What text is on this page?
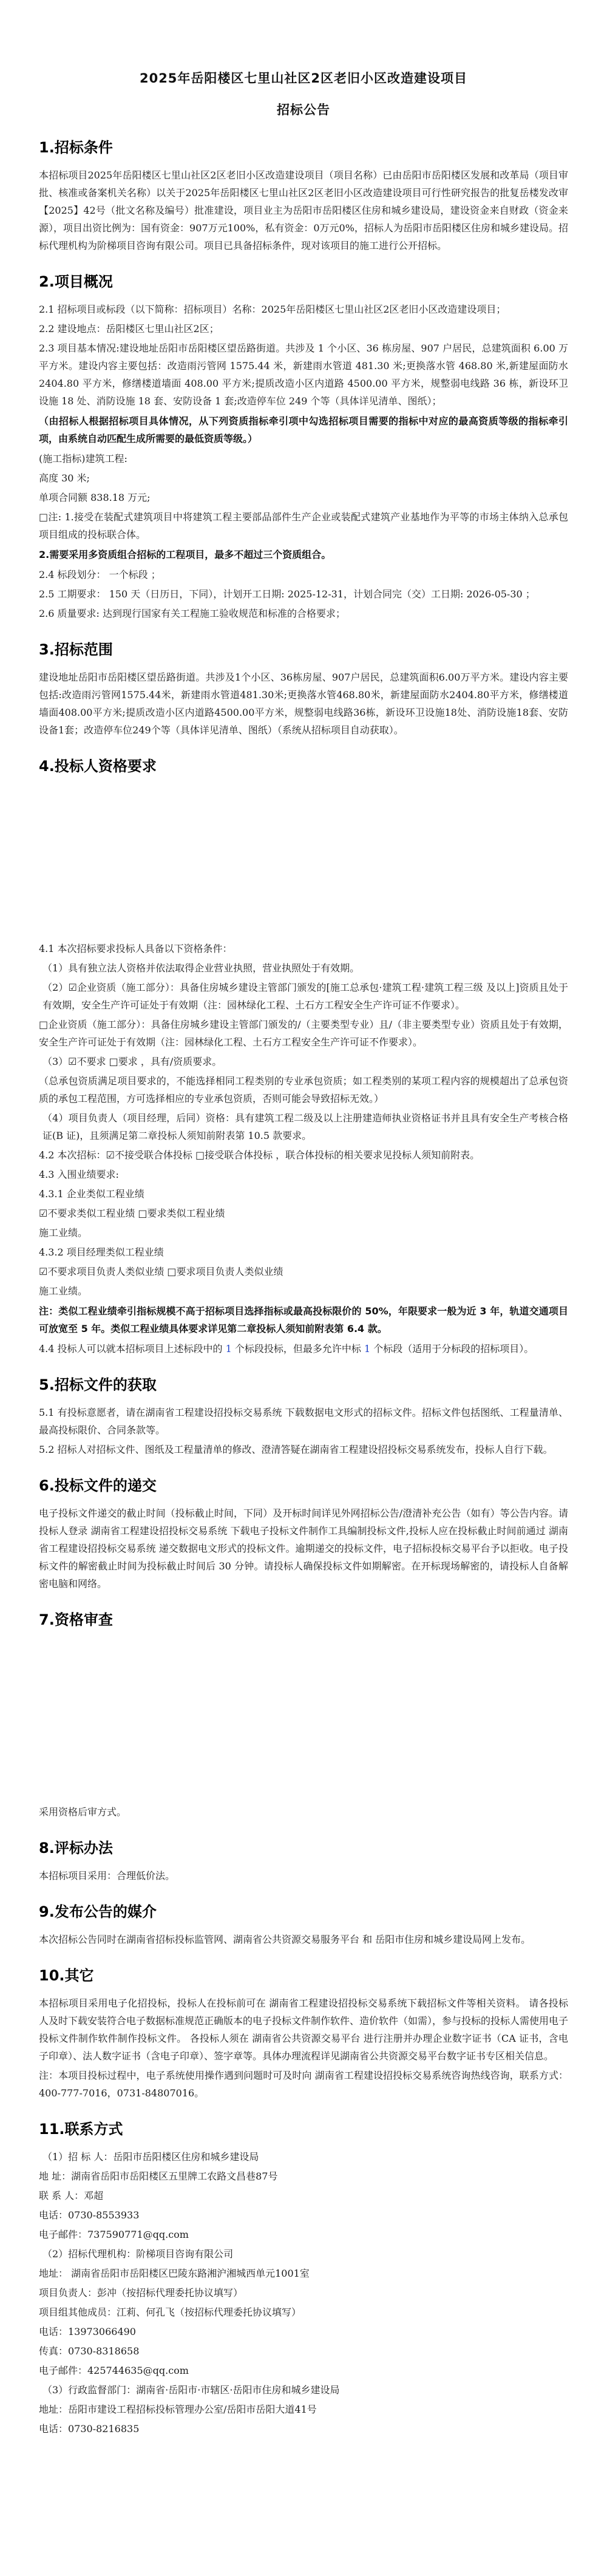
2025年岳阳楼区七里山社区2区老旧小区改造建设项目
招标公告
1.招标条件

本招标项目2025年岳阳楼区七里山社区2区老旧小区改造建设项目（项目名称）已由岳阳市岳阳楼区发展和改革局（项目审批、核准或备案机关名称）以关于2025年岳阳楼区七里山社区2区老旧小区改造建设项目可行性研究报告的批复岳楼发改审【2025】42号（批文名称及编号）批准建设，项目业主为岳阳市岳阳楼区住房和城乡建设局，建设资金来自财政（资金来源），项目出资比例为：国有资金：907万元100%，私有资金：0万元0%，招标人为岳阳市岳阳楼区住房和城乡建设局。招标代理机构为阶梯项目咨询有限公司。项目已具备招标条件，现对该项目的施工进行公开招标。

2.项目概况

2.1 招标项目或标段（以下简称：招标项目）名称：2025年岳阳楼区七里山社区2区老旧小区改造建设项目；

2.2 建设地点：岳阳楼区七里山社区2区；

2.3 项目基本情况:建设地址岳阳市岳阳楼区望岳路街道。共涉及 1 个小区、36 栋房屋、907 户居民，总建筑面积 6.00 万平方米。建设内容主要包括：改造雨污管网 1575.44 米，新建雨水管道 481.30 米;更换落水管 468.80 米,新建屋面防水 2404.80 平方米，修缮楼道墙面 408.00 平方米;提质改造小区内道路 4500.00 平方米，规整弱电线路 36 栋，新设环卫设施 18 处、消防设施 18 套、安防设备 1 套;改造停车位 249 个等（具体详见清单、图纸）；

（由招标人根据招标项目具体情况，从下列资质指标牵引项中勾选招标项目需要的指标中对应的最高资质等级的指标牵引项，由系统自动匹配生成所需要的最低资质等级。）

(施工指标)建筑工程:

高度 30 米;

单项合同额 838.18 万元;

□注: 1.接受在装配式建筑项目中将建筑工程主要部品部件生产企业或装配式建筑产业基地作为平等的市场主体纳入总承包项目组成的投标联合体。

2.需要采用多资质组合招标的工程项目，最多不超过三个资质组合。

2.4 标段划分： 一个标段 ；

2.5 工期要求： 150 天（日历日，下同），计划开工日期: 2025-12-31，计划合同完（交）工日期: 2026-05-30 ；

2.6 质量要求: 达到现行国家有关工程施工验收规范和标准的合格要求；

3.招标范围

建设地址岳阳市岳阳楼区望岳路街道。共涉及1个小区、36栋房屋、907户居民，总建筑面积6.00万平方米。建设内容主要包括:改造雨污管网1575.44米，新建雨水管道481.30米;更换落水管468.80米，新建屋面防水2404.80平方米，修缮楼道墙面408.00平方米;提质改造小区内道路4500.00平方米，规整弱电线路36栋，新设环卫设施18处、消防设施18套、安防设备1套；改造停车位249个等（具体详见清单、图纸）（系统从招标项目自动获取）。

4.投标人资格要求

4.1 本次招标要求投标人具备以下资格条件：

（1）具有独立法人资格并依法取得企业营业执照，营业执照处于有效期。

（2）☑企业资质（施工部分）：具备住房城乡建设主管部门颁发的[施工总承包·建筑工程·建筑工程三级 及以上]资质且处于有效期，安全生产许可证处于有效期（注：园林绿化工程、土石方工程安全生产许可证不作要求）。

□企业资质（施工部分）：具备住房城乡建设主管部门颁发的/（主要类型专业）且/（非主要类型专业）资质且处于有效期，安全生产许可证处于有效期（注：园林绿化工程、土石方工程安全生产许可证不作要求）。

（3）☑不要求 □要求 ，具有/资质要求。

（总承包资质满足项目要求的，不能选择相同工程类别的专业承包资质；如工程类别的某项工程内容的规模超出了总承包资质的承包工程范围，方可选择相应的专业承包资质，否则可能会导致招标无效。）

（4）项目负责人（项目经理，后同）资格：具有建筑工程二级及以上注册建造师执业资格证书并且具有安全生产考核合格证(B 证)，且须满足第二章投标人须知前附表第 10.5 款要求。

4.2 本次招标：☑不接受联合体投标 □接受联合体投标 ，联合体投标的相关要求见投标人须知前附表。

4.3 入围业绩要求:

4.3.1 企业类似工程业绩

☑不要求类似工程业绩 □要求类似工程业绩

施工业绩。

4.3.2 项目经理类似工程业绩

☑不要求项目负责人类似业绩 □要求项目负责人类似业绩

施工业绩。

注：类似工程业绩牵引指标规模不高于招标项目选择指标或最高投标限价的 50%，年限要求一般为近 3 年，轨道交通项目可放宽至 5 年。类似工程业绩具体要求详见第二章投标人须知前附表第 6.4 款。

4.4 投标人可以就本招标项目上述标段中的 1 个标段投标，但最多允许中标 1 个标段（适用于分标段的招标项目）。

5.招标文件的获取

5.1 有投标意愿者，请在湖南省工程建设招投标交易系统 下载数据电文形式的招标文件。招标文件包括图纸、工程量清单、最高投标限价、合同条款等。

5.2 招标人对招标文件、图纸及工程量清单的修改、澄清答疑在湖南省工程建设招投标交易系统发布，投标人自行下载。

6.投标文件的递交

电子投标文件递交的截止时间（投标截止时间，下同）及开标时间详见外网招标公告/澄清补充公告（如有）等公告内容。请投标人登录 湖南省工程建设招投标交易系统 下载电子投标文件制作工具编制投标文件,投标人应在投标截止时间前通过 湖南省工程建设招投标交易系统 递交数据电文形式的投标文件。逾期递交的投标文件，电子招标投标交易平台予以拒收。电子投标文件的解密截止时间为投标截止时间后 30 分钟。请投标人确保投标文件如期解密。在开标现场解密的，请投标人自备解密电脑和网络。

7.资格审查

采用资格后审方式。

8.评标办法

本招标项目采用：合理低价法。

9.发布公告的媒介

本次招标公告同时在湖南省招标投标监管网、湖南省公共资源交易服务平台 和 岳阳市住房和城乡建设局网上发布。

10.其它

本招标项目采用电子化招投标，投标人在投标前可在 湖南省工程建设招投标交易系统下载招标文件等相关资料。 请各投标人及时下载安装符合电子数据标准规范正确版本的电子投标文件制作软件、造价软件（如需），参与投标的投标人需使用电子投标文件制作软件制作投标文件。 各投标人须在 湖南省公共资源交易平台 进行注册并办理企业数字证书（CA 证书，含电子印章）、法人数字证书（含电子印章）、签字章等。具体办理流程详见湖南省公共资源交易平台数字证书专区相关信息。

注：本项目投标过程中，电子系统使用操作遇到问题时可及时向 湖南省工程建设招投标交易系统咨询热线咨询，联系方式：400-777-7016，0731-84807016。

11.联系方式

（1）招 标 人：岳阳市岳阳楼区住房和城乡建设局

地 址：湖南省岳阳市岳阳楼区五里牌工农路文昌巷87号

联 系 人：邓超

电话：0730-8553933

电子邮件：737590771@qq.com

（2）招标代理机构：阶梯项目咨询有限公司

地址： 湖南省岳阳市岳阳楼区巴陵东路湘沪湘城西单元1001室

项目负责人：彭冲（按招标代理委托协议填写）

项目组其他成员：江莉、何孔飞（按招标代理委托协议填写）

电话：13973066490

传真：0730-8318658

电子邮件：425744635@qq.com

（3）行政监督部门：湖南省·岳阳市·市辖区·岳阳市住房和城乡建设局

地址：岳阳市建设工程招标投标管理办公室/岳阳市岳阳大道41号

电话：0730-8216835
